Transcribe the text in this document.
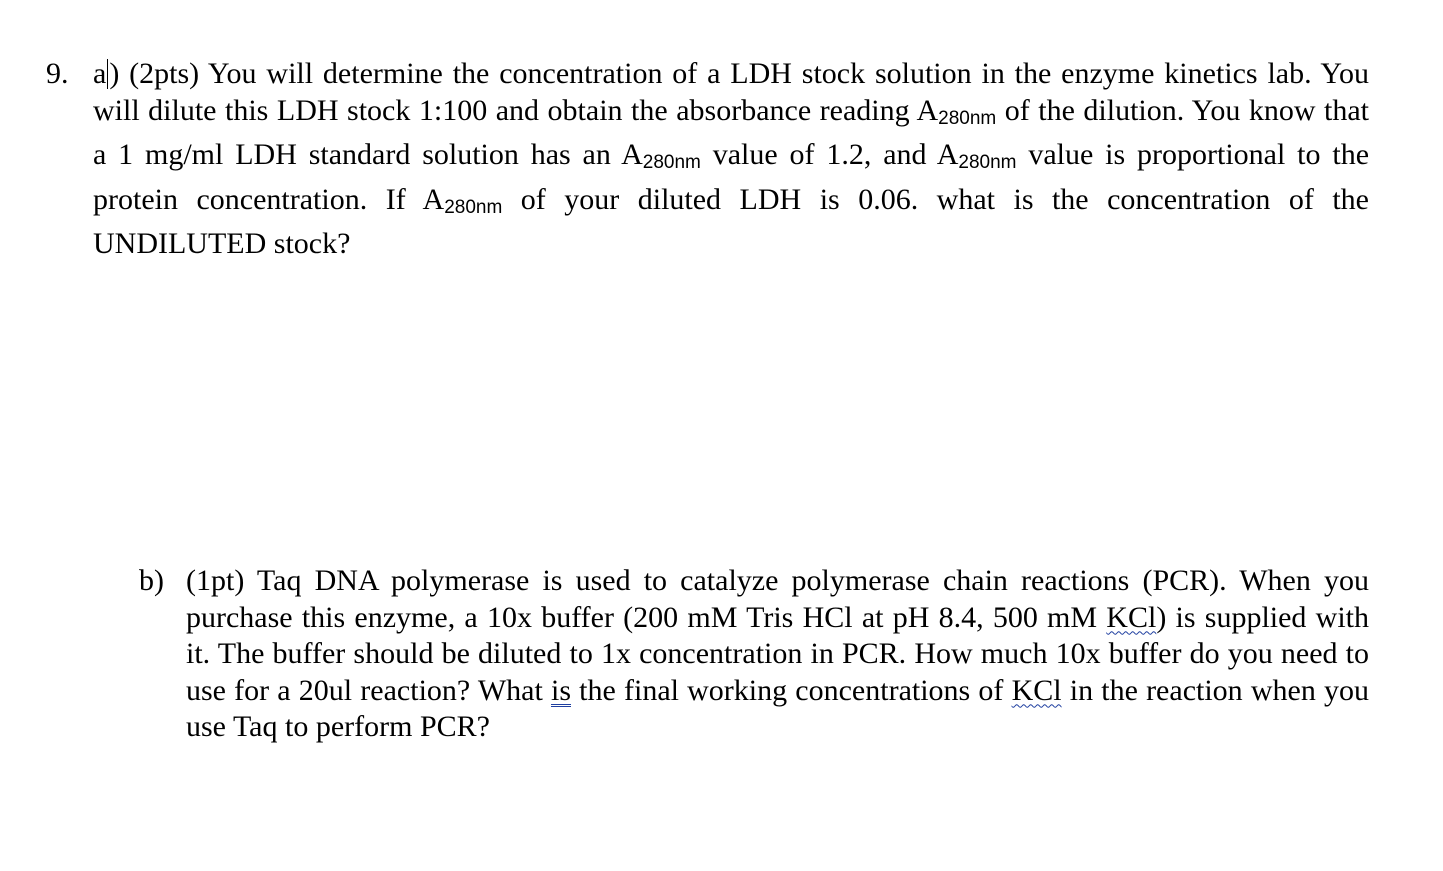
9. a ) (2pts) You will determine the concentration of a LDH stock solution in the enzyme kinetics lab. You will dilute this LDH stock 1:100 and obtain the absorbance reading $A_{280nm}$ of the dilution. You know that a 1 mg/ml LDH standard solution has an $A_{280nm}$ value of 1.2, and $A_{280nm}$ value is proportional to the protein concentration. If $A_{280nm}$ of your diluted LDH is 0.06. what is the concentration of the UNDILUTED stock?
b) (1pt) Taq DNA polymerase is used to catalyze polymerase chain reactions (PCR). When you purchase this enzyme, a 10x buffer (200 mM Tris HCl at pH 8.4, 500 mM KCl) is supplied with it. The buffer should be diluted to 1x concentration in PCR. How much 10x buffer do you need to use for a 20ul reaction? What is the final working concentrations of KCl in the reaction when you use Taq to perform PCR?
